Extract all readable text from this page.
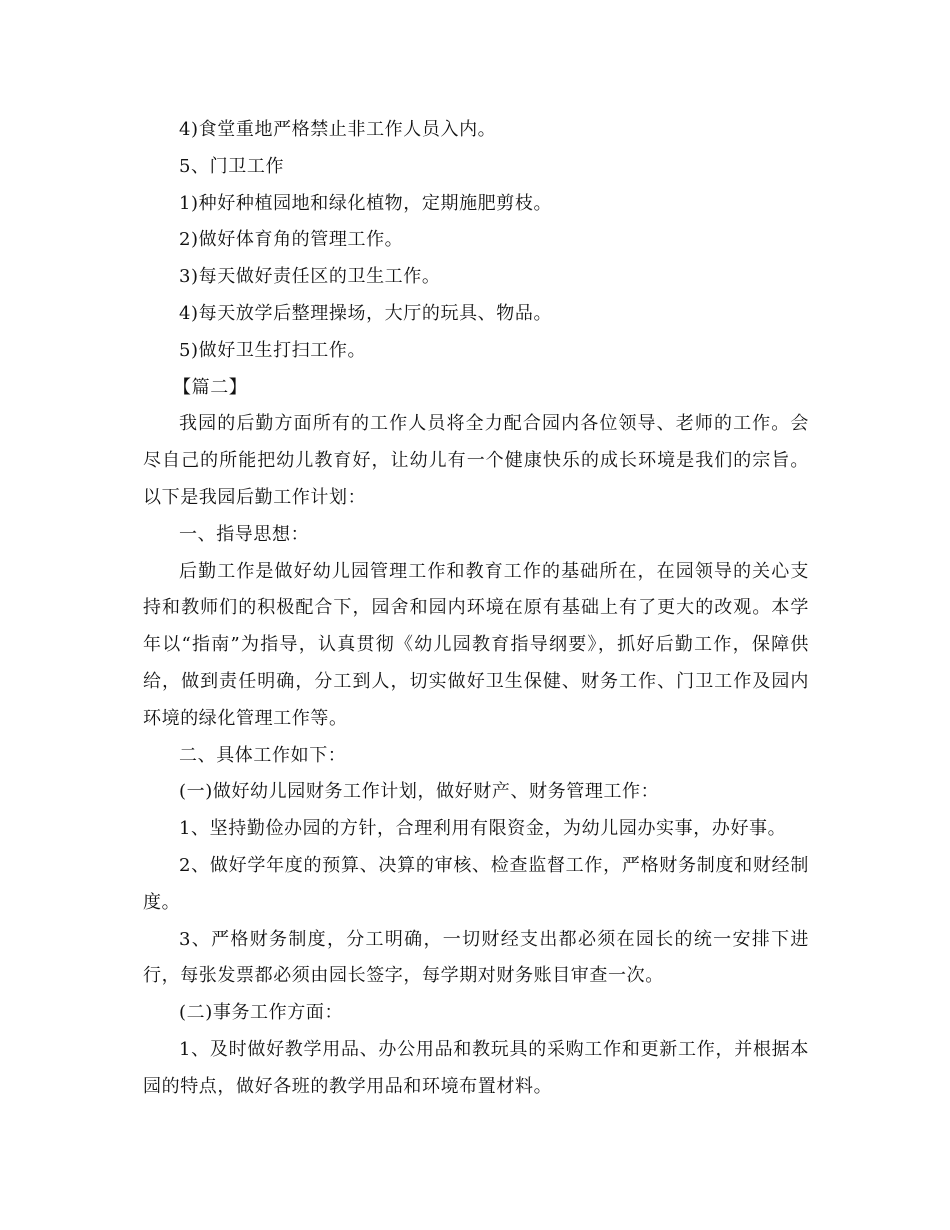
4)食堂重地严格禁止非工作人员入内。

5、门卫工作

1)种好种植园地和绿化植物，定期施肥剪枝。

2)做好体育角的管理工作。

3)每天做好责任区的卫生工作。

4)每天放学后整理操场，大厅的玩具、物品。

5)做好卫生打扫工作。

【篇二】

我园的后勤方面所有的工作人员将全力配合园内各位领导、老师的工作。会尽自己的所能把幼儿教育好，让幼儿有一个健康快乐的成长环境是我们的宗旨。以下是我园后勤工作计划：

一、指导思想：

后勤工作是做好幼儿园管理工作和教育工作的基础所在，在园领导的关心支持和教师们的积极配合下，园舍和园内环境在原有基础上有了更大的改观。本学年以“指南”为指导，认真贯彻《幼儿园教育指导纲要》，抓好后勤工作，保障供给，做到责任明确，分工到人，切实做好卫生保健、财务工作、门卫工作及园内环境的绿化管理工作等。

二、具体工作如下：

(一)做好幼儿园财务工作计划，做好财产、财务管理工作：

1、坚持勤俭办园的方针，合理利用有限资金，为幼儿园办实事，办好事。

2、做好学年度的预算、决算的审核、检查监督工作，严格财务制度和财经制度。

3、严格财务制度，分工明确，一切财经支出都必须在园长的统一安排下进行，每张发票都必须由园长签字，每学期对财务账目审查一次。

(二)事务工作方面：

1、及时做好教学用品、办公用品和教玩具的采购工作和更新工作，并根据本园的特点，做好各班的教学用品和环境布置材料。
